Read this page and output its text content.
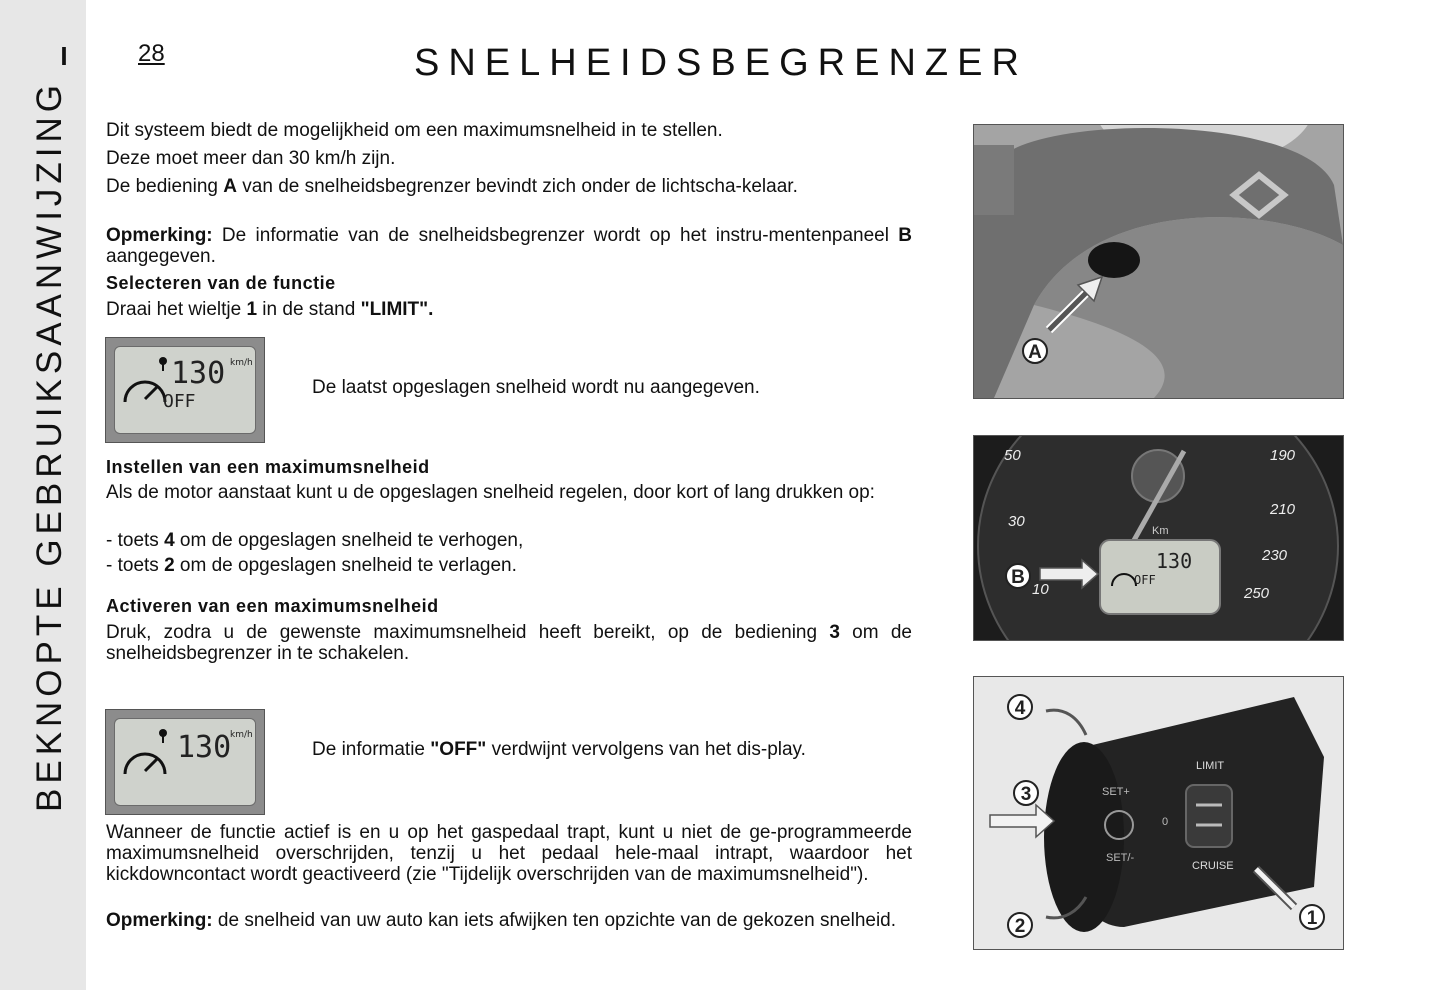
I
BEKNOPTE GEBRUIKSAANWIJZING
28	SNELHEIDSBEGRENZER

Dit systeem biedt de mogelijkheid om een maximumsnelheid in te stellen.

Deze moet meer dan 30 km/h zijn.

De bediening A van de snelheidsbegrenzer bevindt zich onder de lichtscha-kelaar.

Opmerking: De informatie van de snelheidsbegrenzer wordt op het instru-mentenpaneel B aangegeven.

Selecteren van de functie

Draai het wieltje 1 in de stand "LIMIT".

130 km/h
OFF
De laatst opgeslagen snelheid wordt nu aangegeven.

Instellen van een maximumsnelheid

Als de motor aanstaat kunt u de opgeslagen snelheid regelen, door kort of lang drukken op:

- toets 4 om de opgeslagen snelheid te verhogen,

- toets 2 om de opgeslagen snelheid te verlagen.

Activeren van een maximumsnelheid

Druk, zodra u de gewenste maximumsnelheid heeft bereikt, op de bediening 3 om de snelheidsbegrenzer in te schakelen.

130
km/h
De informatie "OFF" verdwijnt vervolgens van het dis-play.

Wanneer de functie actief is en u op het gaspedaal trapt, kunt u niet de ge-programmeerde maximumsnelheid overschrijden, tenzij u het pedaal hele-maal intrapt, waardoor het kickdowncontact wordt geactiveerd (zie "Tijdelijk overschrijden van de maximumsnelheid").

Opmerking: de snelheid van uw auto kan iets afwijken ten opzichte van de gekozen snelheid.

A
50
30
10
190
210
230
250
Km
130
OFF
B
SET+
SET/-
0
LIMIT
CRUISE
4
3
2	1
